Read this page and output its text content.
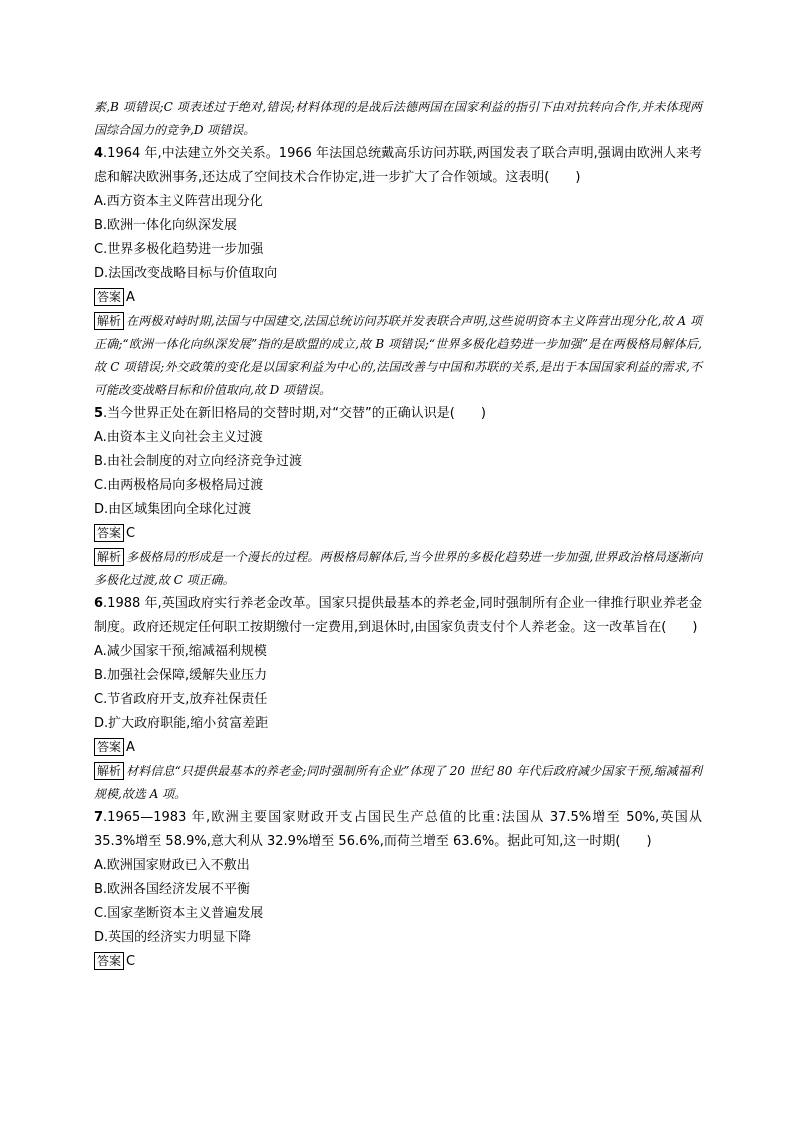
素,B 项错误;C 项表述过于绝对,错误;材料体现的是战后法德两国在国家利益的指引下由对抗转向合作,并未体现两国综合国力的竞争,D 项错误。

4.1964 年,中法建立外交关系。1966 年法国总统戴高乐访问苏联,两国发表了联合声明,强调由欧洲人来考虑和解决欧洲事务,还达成了空间技术合作协定,进一步扩大了合作领域。这表明(　　)

A.西方资本主义阵营出现分化
B.欧洲一体化向纵深发展
C.世界多极化趋势进一步加强
D.法国改变战略目标与价值取向
答案 A

解析 在两极对峙时期,法国与中国建交,法国总统访问苏联并发表联合声明,这些说明资本主义阵营出现分化,故 A 项正确;“欧洲一体化向纵深发展”指的是欧盟的成立,故 B 项错误;“世界多极化趋势进一步加强”是在两极格局解体后,故 C 项错误;外交政策的变化是以国家利益为中心的,法国改善与中国和苏联的关系,是出于本国国家利益的需求,不可能改变战略目标和价值取向,故 D 项错误。

5.当今世界正处在新旧格局的交替时期,对“交替”的正确认识是(　　)

A.由资本主义向社会主义过渡
B.由社会制度的对立向经济竞争过渡
C.由两极格局向多极格局过渡
D.由区域集团向全球化过渡
答案 C

解析 多极格局的形成是一个漫长的过程。两极格局解体后,当今世界的多极化趋势进一步加强,世界政治格局逐渐向多极化过渡,故 C 项正确。

6.1988 年,英国政府实行养老金改革。国家只提供最基本的养老金,同时强制所有企业一律推行职业养老金制度。政府还规定任何职工按期缴付一定费用,到退休时,由国家负责支付个人养老金。这一改革旨在(　　)

A.减少国家干预,缩减福利规模
B.加强社会保障,缓解失业压力
C.节省政府开支,放弃社保责任
D.扩大政府职能,缩小贫富差距
答案 A

解析 材料信息“只提供最基本的养老金;同时强制所有企业”体现了 20 世纪 80 年代后政府减少国家干预,缩减福利规模,故选 A 项。

7.1965—1983 年,欧洲主要国家财政开支占国民生产总值的比重:法国从 37.5%增至 50%,英国从 35.3%增至 58.9%,意大利从 32.9%增至 56.6%,而荷兰增至 63.6%。据此可知,这一时期(　　)

A.欧洲国家财政已入不敷出
B.欧洲各国经济发展不平衡
C.国家垄断资本主义普遍发展
D.英国的经济实力明显下降
答案 C
